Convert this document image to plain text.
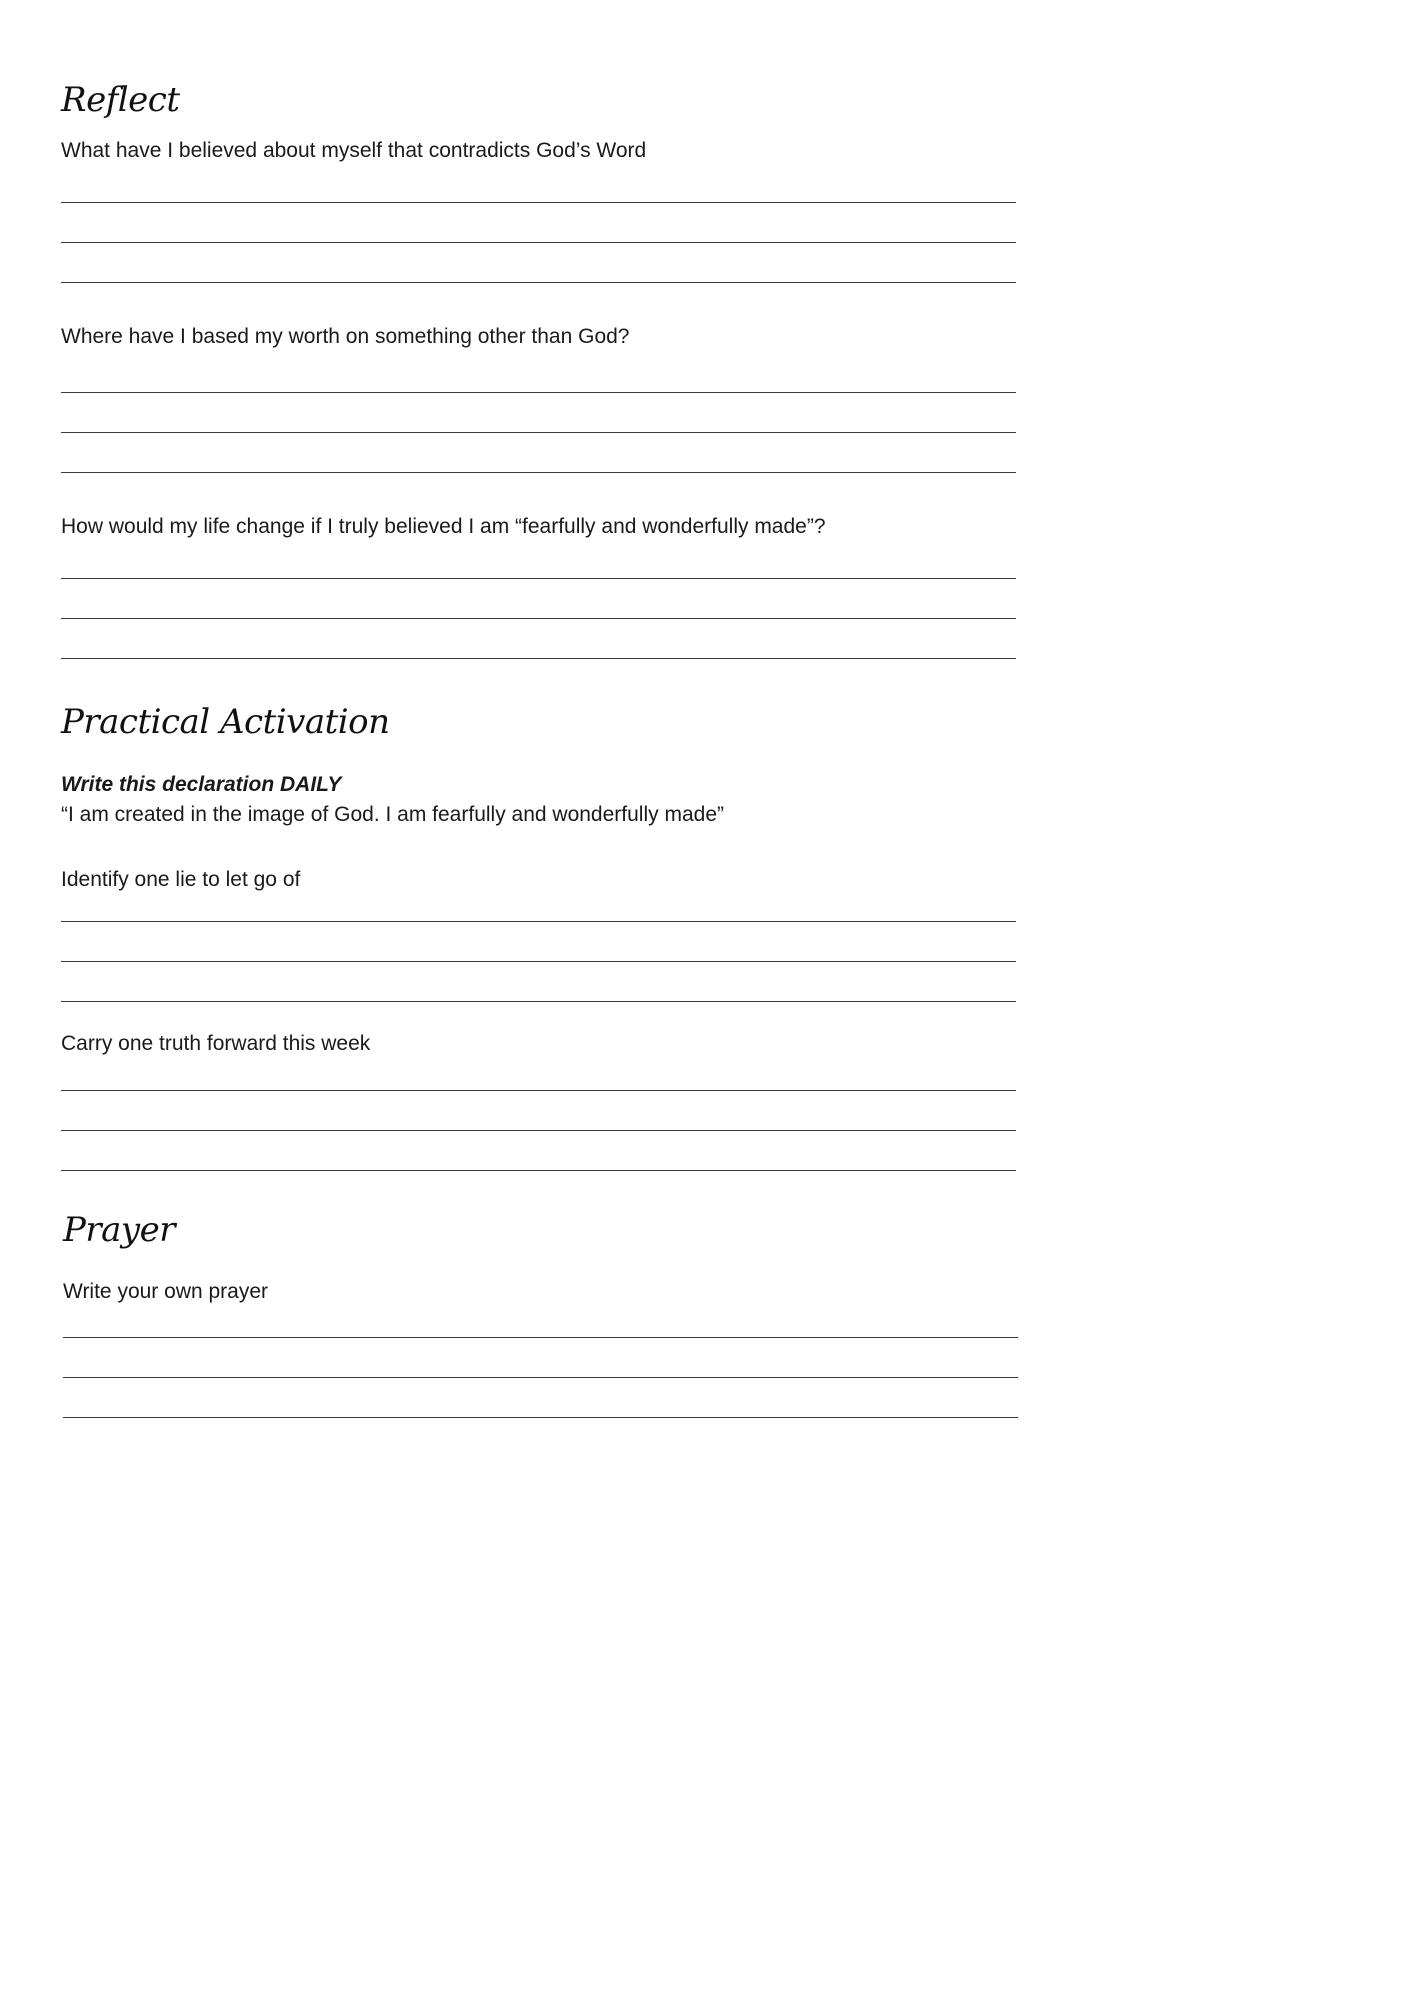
Reflect

What have I believed about myself that contradicts God’s Word

Where have I based my worth on something other than God?

How would my life change if I truly believed I am “fearfully and wonderfully made”?

Practical Activation

Write this declaration DAILY

“I am created in the image of God. I am fearfully and wonderfully made”

Identify one lie to let go of

Carry one truth forward this week

Prayer

Write your own prayer
